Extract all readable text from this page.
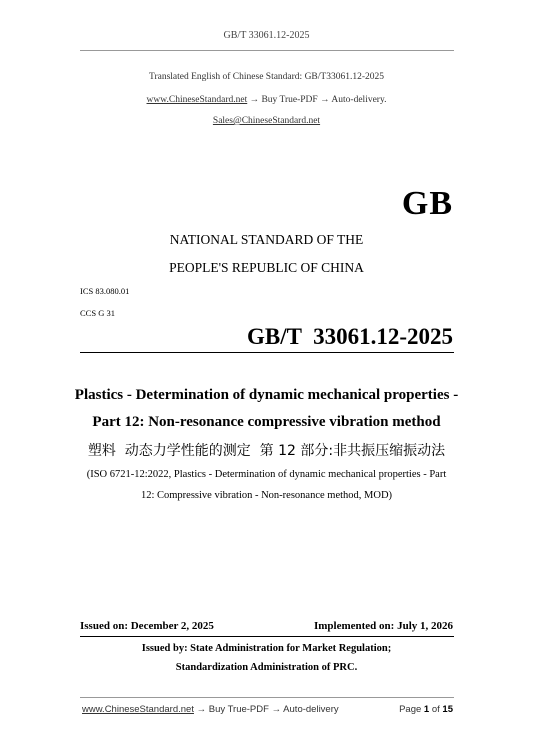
GB/T 33061.12-2025
Translated English of Chinese Standard: GB/T33061.12-2025
www.ChineseStandard.net → Buy True-PDF → Auto-delivery.
Sales@ChineseStandard.net
GB
NATIONAL STANDARD OF THE
PEOPLE'S REPUBLIC OF CHINA
ICS 83.080.01
CCS G 31
GB/T  33061.12-2025
Plastics - Determination of dynamic mechanical properties -
Part 12: Non-resonance compressive vibration method
塑料  动态力学性能的测定  第 12 部分:非共振压缩振动法
(ISO 6721-12:2022, Plastics - Determination of dynamic mechanical properties - Part
12: Compressive vibration - Non-resonance method, MOD)
Issued on: December 2, 2025	Implemented on: July 1, 2026
Issued by: State Administration for Market Regulation;
Standardization Administration of PRC.
www.ChineseStandard.net → Buy True-PDF → Auto-delivery	Page 1 of 15
